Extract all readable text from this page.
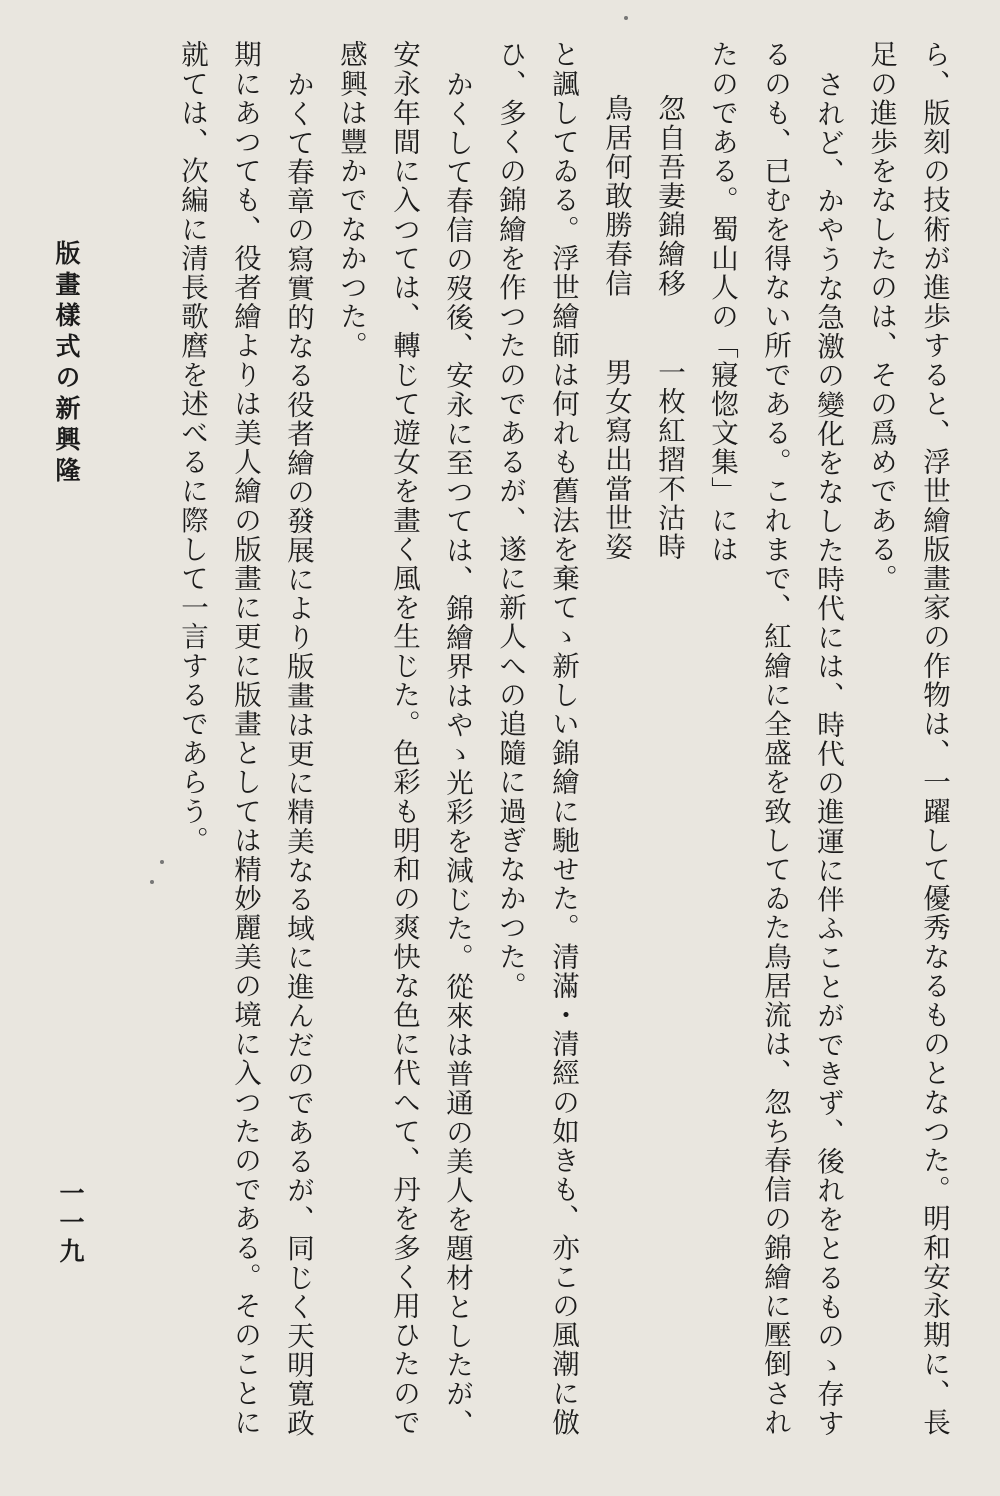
版畫樣式の新興隆
一一九	ら、版刻の技術が進歩すると、浮世繪版畫家の作物は、一躍して優秀なるものとなつた。明和安永期に、長足の進歩をなしたのは、その爲めである。

されど、かやうな急激の變化をなした時代には、時代の進運に伴ふことができず、後れをとるものゝ存するのも、已むを得ない所である。これまで、紅繪に全盛を致してゐた鳥居流は、忽ち春信の錦繪に壓倒されたのである。蜀山人の「寢惚文集」には

忽自吾妻錦繪移一枚紅摺不沽時

鳥居何敢勝春信男女寫出當世姿

と諷してゐる。浮世繪師は何れも舊法を棄てゝ新しい錦繪に馳せた。清滿・清經の如きも、亦この風潮に倣ひ、多くの錦繪を作つたのであるが、遂に新人への追隨に過ぎなかつた。

かくして春信の歿後、安永に至つては、錦繪界はやゝ光彩を減じた。從來は普通の美人を題材としたが、安永年間に入つては、轉じて遊女を畫く風を生じた。色彩も明和の爽快な色に代へて、丹を多く用ひたので感興は豐かでなかつた。

かくて春章の寫實的なる役者繪の發展により版畫は更に精美なる域に進んだのであるが、同じく天明寛政期にあつても、役者繪よりは美人繪の版畫に更に版畫としては精妙麗美の境に入つたのである。そのことに就ては、次編に清長歌麿を述べるに際して一言するであらう。
